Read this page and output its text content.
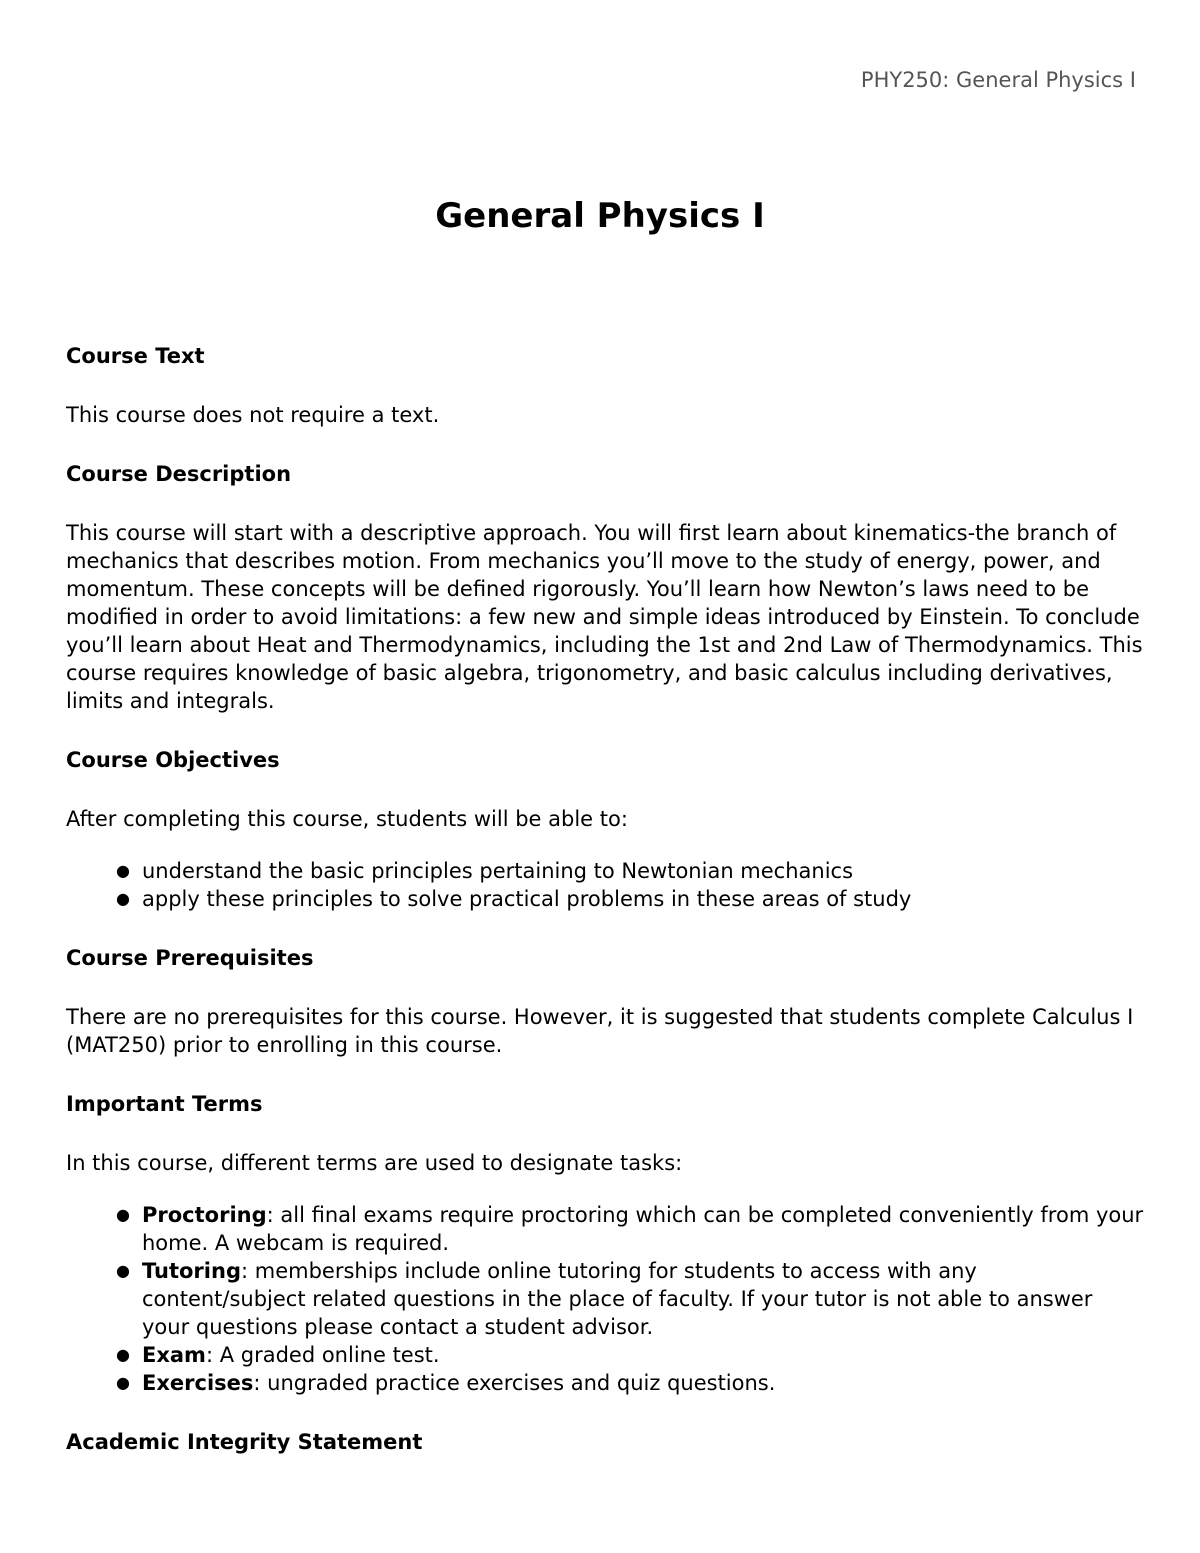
PHY250: General Physics I
General Physics I
Course Text

This course does not require a text.

Course Description

This course will start with a descriptive approach. You will first learn about kinematics-the branch of mechanics that describes motion. From mechanics you’ll move to the study of energy, power, and momentum. These concepts will be defined rigorously. You’ll learn how Newton’s laws need to be modified in order to avoid limitations: a few new and simple ideas introduced by Einstein. To conclude you’ll learn about Heat and Thermodynamics, including the 1st and 2nd Law of Thermodynamics. This course requires knowledge of basic algebra, trigonometry, and basic calculus including derivatives, limits and integrals.

Course Objectives

After completing this course, students will be able to:

● understand the basic principles pertaining to Newtonian mechanics
● apply these principles to solve practical problems in these areas of study
Course Prerequisites

There are no prerequisites for this course. However, it is suggested that students complete Calculus I (MAT250) prior to enrolling in this course.

Important Terms

In this course, different terms are used to designate tasks:

● Proctoring: all final exams require proctoring which can be completed conveniently from your home. A webcam is required.
● Tutoring: memberships include online tutoring for students to access with any content/subject related questions in the place of faculty. If your tutor is not able to answer your questions please contact a student advisor.
● Exam: A graded online test.
● Exercises: ungraded practice exercises and quiz questions.
Academic Integrity Statement
